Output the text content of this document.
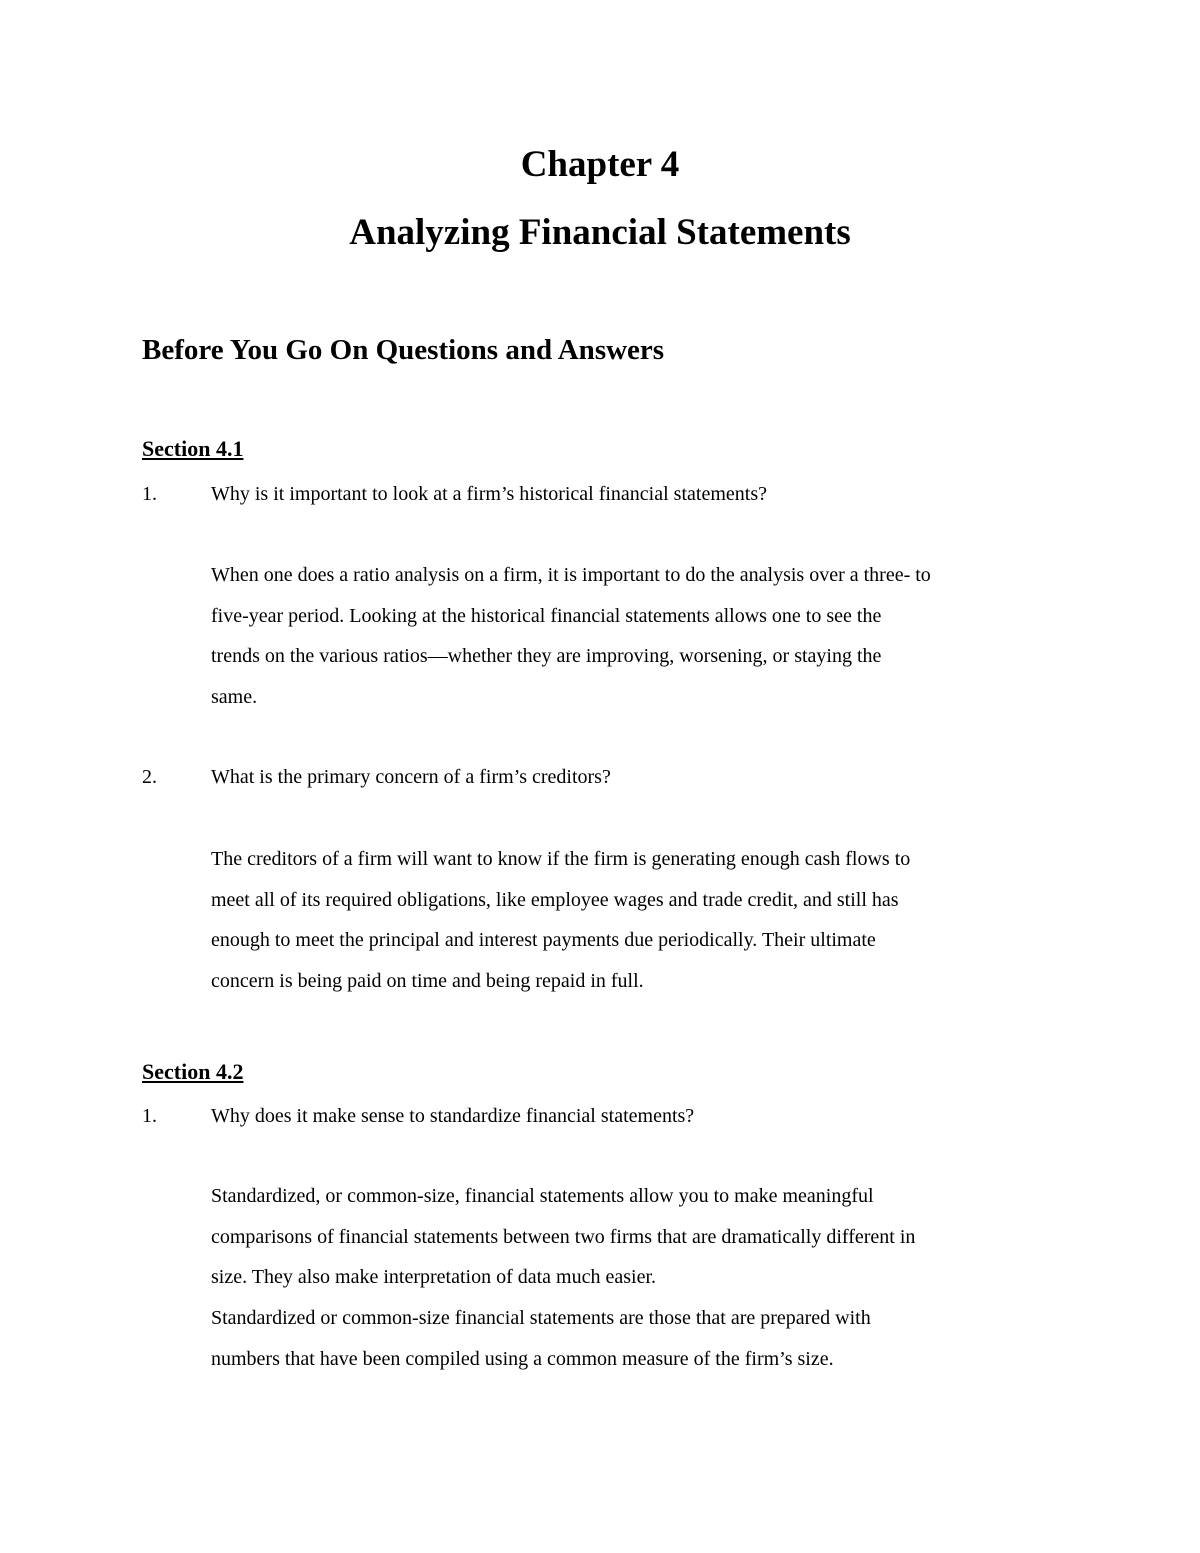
Chapter 4
Analyzing Financial Statements
Before You Go On Questions and Answers
Section 4.1
1.	Why is it important to look at a firm’s historical financial statements?
When one does a ratio analysis on a firm, it is important to do the analysis over a three- to
five-year period. Looking at the historical financial statements allows one to see the
trends on the various ratios—whether they are improving, worsening, or staying the
same.
2.	What is the primary concern of a firm’s creditors?
The creditors of a firm will want to know if the firm is generating enough cash flows to
meet all of its required obligations, like employee wages and trade credit, and still has
enough to meet the principal and interest payments due periodically. Their ultimate
concern is being paid on time and being repaid in full.
Section 4.2
1.	Why does it make sense to standardize financial statements?
Standardized, or common-size, financial statements allow you to make meaningful
comparisons of financial statements between two firms that are dramatically different in
size. They also make interpretation of data much easier.
Standardized or common-size financial statements are those that are prepared with
numbers that have been compiled using a common measure of the firm’s size.
